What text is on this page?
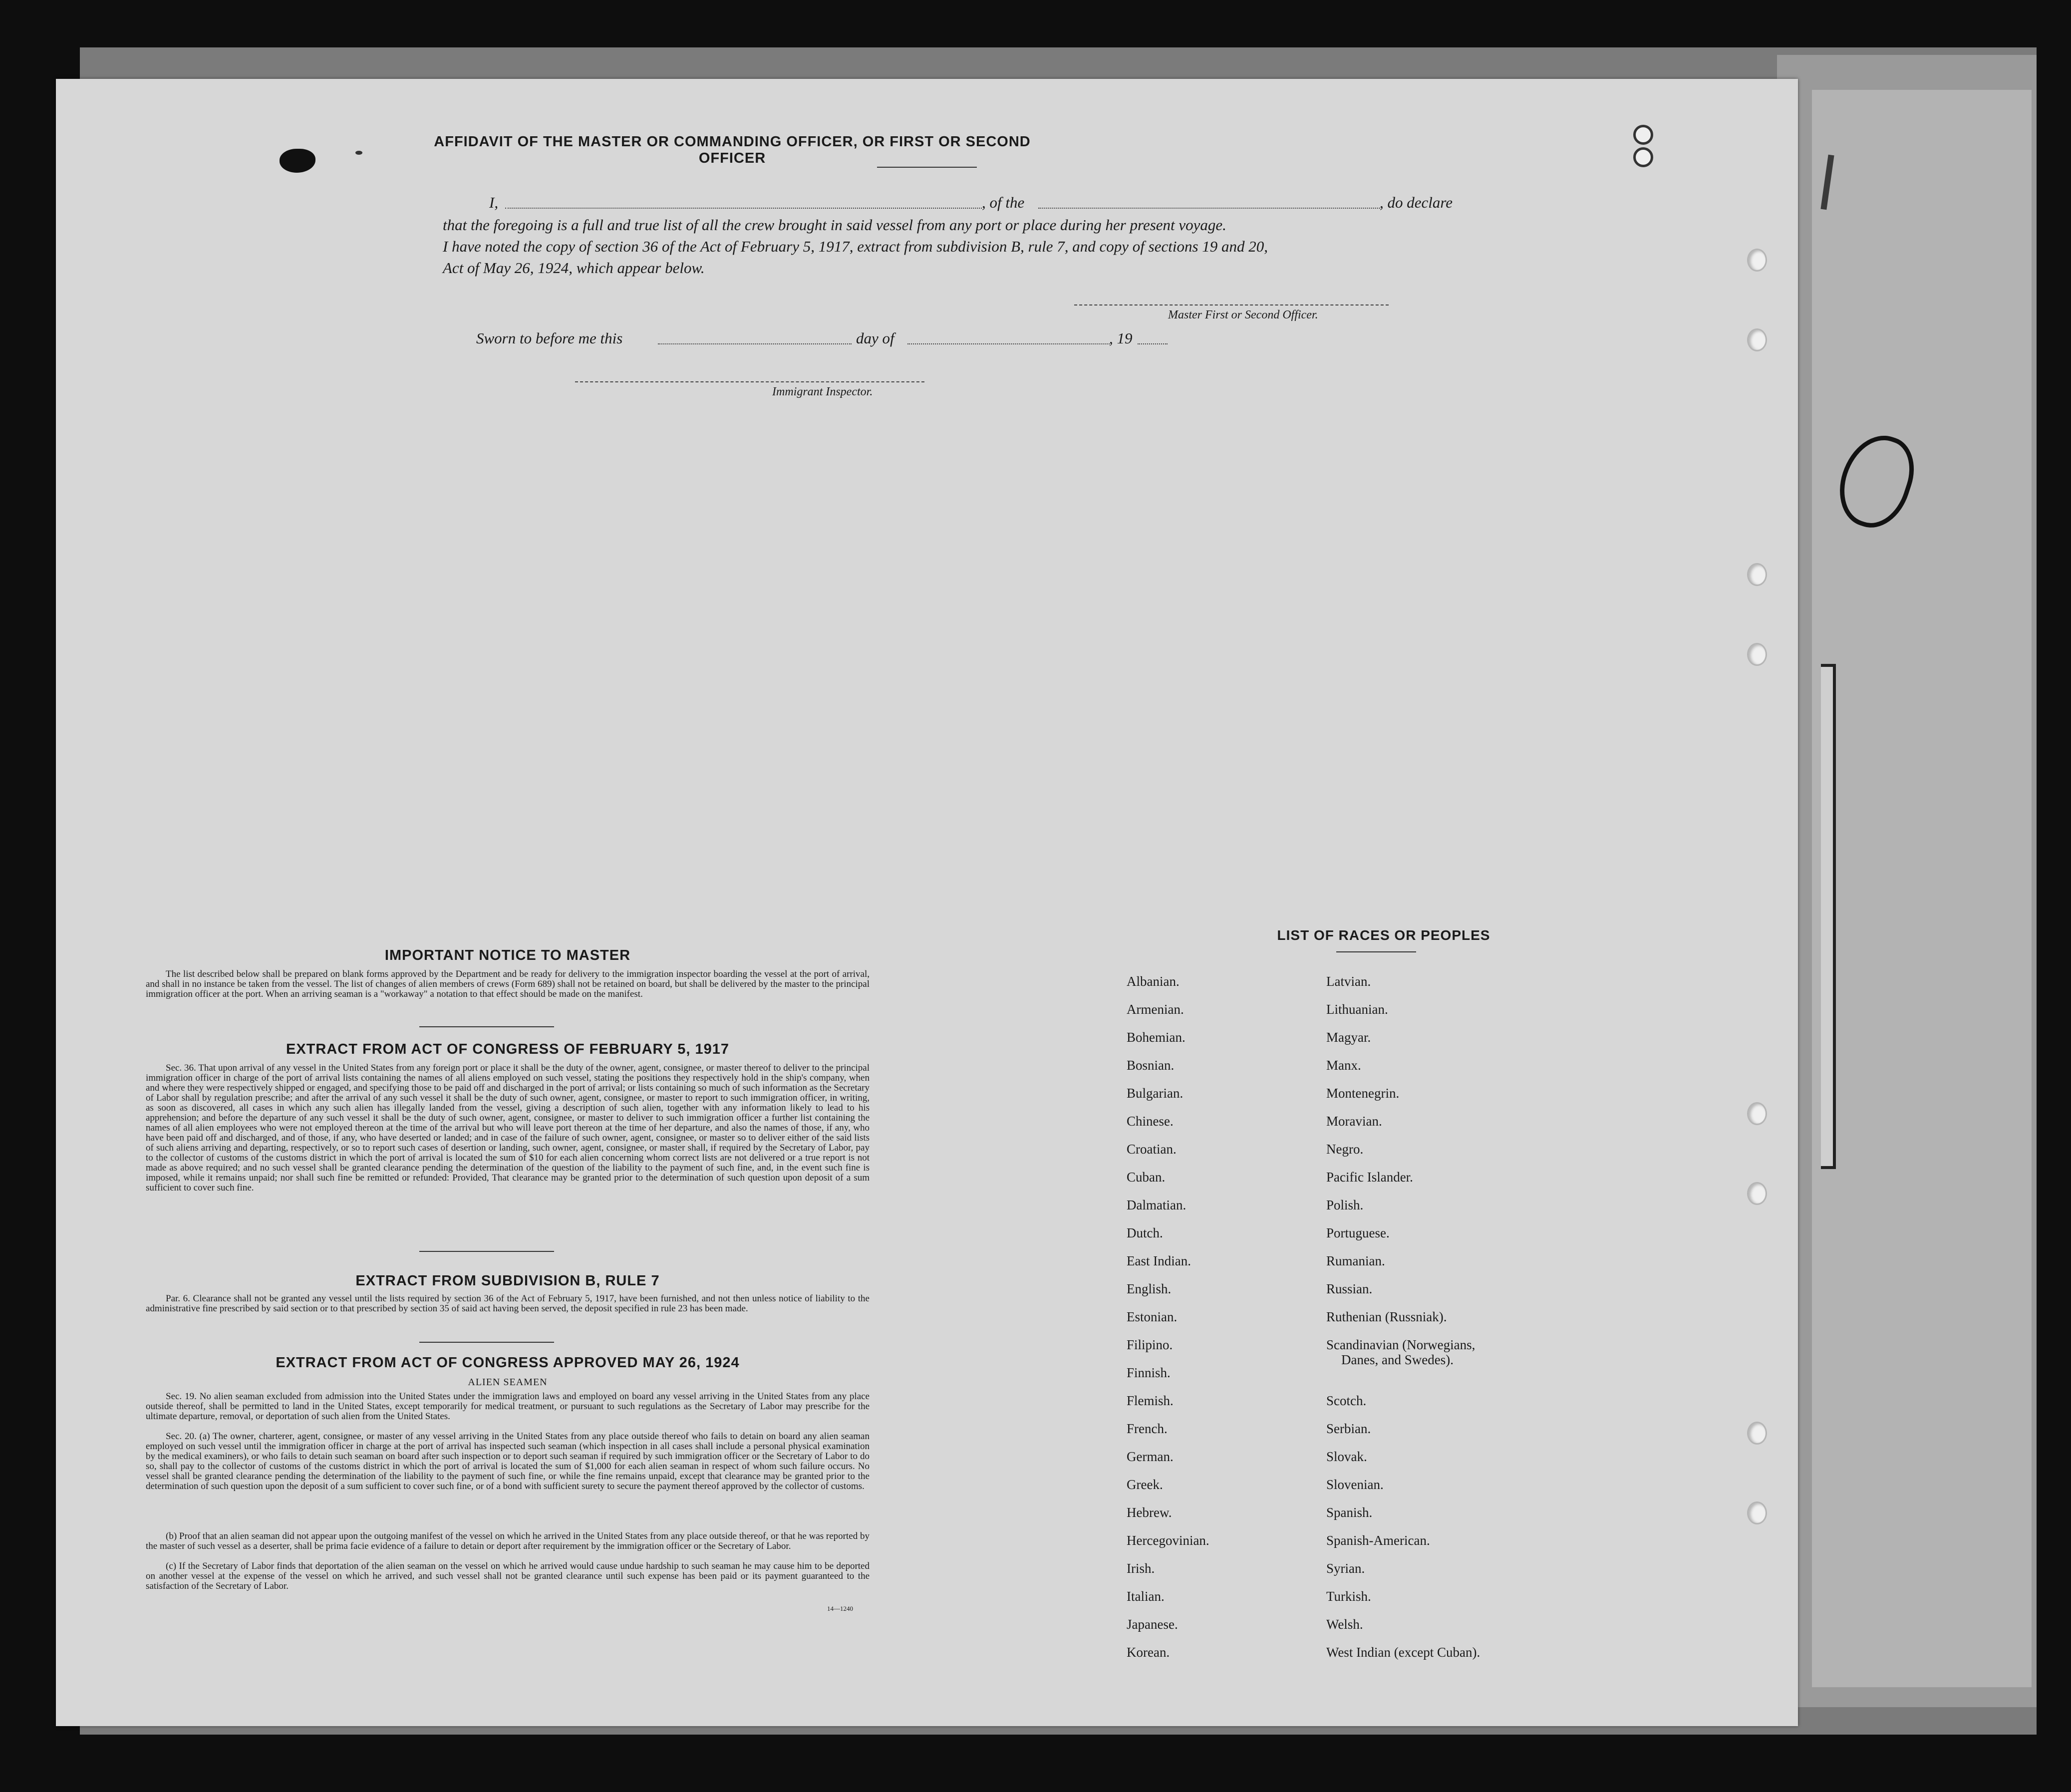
AFFIDAVIT OF THE MASTER OR COMMANDING OFFICER, OR FIRST OR SECOND OFFICER
I,	, of the	, do declare
that the foregoing is a full and true list of all the crew brought in said vessel from any port or place during her present voyage.
I have noted the copy of section 36 of the Act of February 5, 1917, extract from subdivision B, rule 7, and copy of sections 19 and 20,
Act of May 26, 1924, which appear below.
Master First or Second Officer.
Sworn to before me this	day of	, 19
Immigrant Inspector.
IMPORTANT NOTICE TO MASTER

The list described below shall be prepared on blank forms approved by the Department and be ready for delivery to the immigration inspector boarding the vessel at the port of arrival, and shall in no instance be taken from the vessel. The list of changes of alien members of crews (Form 689) shall not be retained on board, but shall be delivered by the master to the principal immigration officer at the port. When an arriving seaman is a "workaway" a notation to that effect should be made on the manifest.

EXTRACT FROM ACT OF CONGRESS OF FEBRUARY 5, 1917

Sec. 36. That upon arrival of any vessel in the United States from any foreign port or place it shall be the duty of the owner, agent, consignee, or master thereof to deliver to the principal immigration officer in charge of the port of arrival lists containing the names of all aliens employed on such vessel, stating the positions they respectively hold in the ship's company, when and where they were respectively shipped or engaged, and specifying those to be paid off and discharged in the port of arrival; or lists containing so much of such information as the Secretary of Labor shall by regulation prescribe; and after the arrival of any such vessel it shall be the duty of such owner, agent, consignee, or master to report to such immigration officer, in writing, as soon as discovered, all cases in which any such alien has illegally landed from the vessel, giving a description of such alien, together with any information likely to lead to his apprehension; and before the departure of any such vessel it shall be the duty of such owner, agent, consignee, or master to deliver to such immigration officer a further list containing the names of all alien employees who were not employed thereon at the time of the arrival but who will leave port thereon at the time of her departure, and also the names of those, if any, who have been paid off and discharged, and of those, if any, who have deserted or landed; and in case of the failure of such owner, agent, consignee, or master so to deliver either of the said lists of such aliens arriving and departing, respectively, or so to report such cases of desertion or landing, such owner, agent, consignee, or master shall, if required by the Secretary of Labor, pay to the collector of customs of the customs district in which the port of arrival is located the sum of $10 for each alien concerning whom correct lists are not delivered or a true report is not made as above required; and no such vessel shall be granted clearance pending the determination of the question of the liability to the payment of such fine, and, in the event such fine is imposed, while it remains unpaid; nor shall such fine be remitted or refunded: Provided, That clearance may be granted prior to the determination of such question upon deposit of a sum sufficient to cover such fine.

EXTRACT FROM SUBDIVISION B, RULE 7

Par. 6. Clearance shall not be granted any vessel until the lists required by section 36 of the Act of February 5, 1917, have been furnished, and not then unless notice of liability to the administrative fine prescribed by said section or to that prescribed by section 35 of said act having been served, the deposit specified in rule 23 has been made.

EXTRACT FROM ACT OF CONGRESS APPROVED MAY 26, 1924
ALIEN SEAMEN

Sec. 19. No alien seaman excluded from admission into the United States under the immigration laws and employed on board any vessel arriving in the United States from any place outside thereof, shall be permitted to land in the United States, except temporarily for medical treatment, or pursuant to such regulations as the Secretary of Labor may prescribe for the ultimate departure, removal, or deportation of such alien from the United States.

Sec. 20. (a) The owner, charterer, agent, consignee, or master of any vessel arriving in the United States from any place outside thereof who fails to detain on board any alien seaman employed on such vessel until the immigration officer in charge at the port of arrival has inspected such seaman (which inspection in all cases shall include a personal physical examination by the medical examiners), or who fails to detain such seaman on board after such inspection or to deport such seaman if required by such immigration officer or the Secretary of Labor to do so, shall pay to the collector of customs of the customs district in which the port of arrival is located the sum of $1,000 for each alien seaman in respect of whom such failure occurs. No vessel shall be granted clearance pending the determination of the liability to the payment of such fine, or while the fine remains unpaid, except that clearance may be granted prior to the determination of such question upon the deposit of a sum sufficient to cover such fine, or of a bond with sufficient surety to secure the payment thereof approved by the collector of customs.

(b) Proof that an alien seaman did not appear upon the outgoing manifest of the vessel on which he arrived in the United States from any place outside thereof, or that he was reported by the master of such vessel as a deserter, shall be prima facie evidence of a failure to detain or deport after requirement by the immigration officer or the Secretary of Labor.

(c) If the Secretary of Labor finds that deportation of the alien seaman on the vessel on which he arrived would cause undue hardship to such seaman he may cause him to be deported on another vessel at the expense of the vessel on which he arrived, and such vessel shall not be granted clearance until such expense has been paid or its payment guaranteed to the satisfaction of the Secretary of Labor.

14—1240
LIST OF RACES OR PEOPLES
Albanian.
Armenian.
Bohemian.
Bosnian.
Bulgarian.
Chinese.
Croatian.
Cuban.
Dalmatian.
Dutch.
East Indian.
English.
Estonian.
Filipino.
Finnish.
Flemish.
French.
German.
Greek.
Hebrew.
Hercegovinian.
Irish.
Italian.
Japanese.
Korean.
Latvian.
Lithuanian.
Magyar.
Manx.
Montenegrin.
Moravian.
Negro.
Pacific Islander.
Polish.
Portuguese.
Rumanian.
Russian.
Ruthenian (Russniak).
Scandinavian (Norwegians,
Danes, and Swedes).
Scotch.
Serbian.
Slovak.
Slovenian.
Spanish.
Spanish-American.
Syrian.
Turkish.
Welsh.
West Indian (except Cuban).
